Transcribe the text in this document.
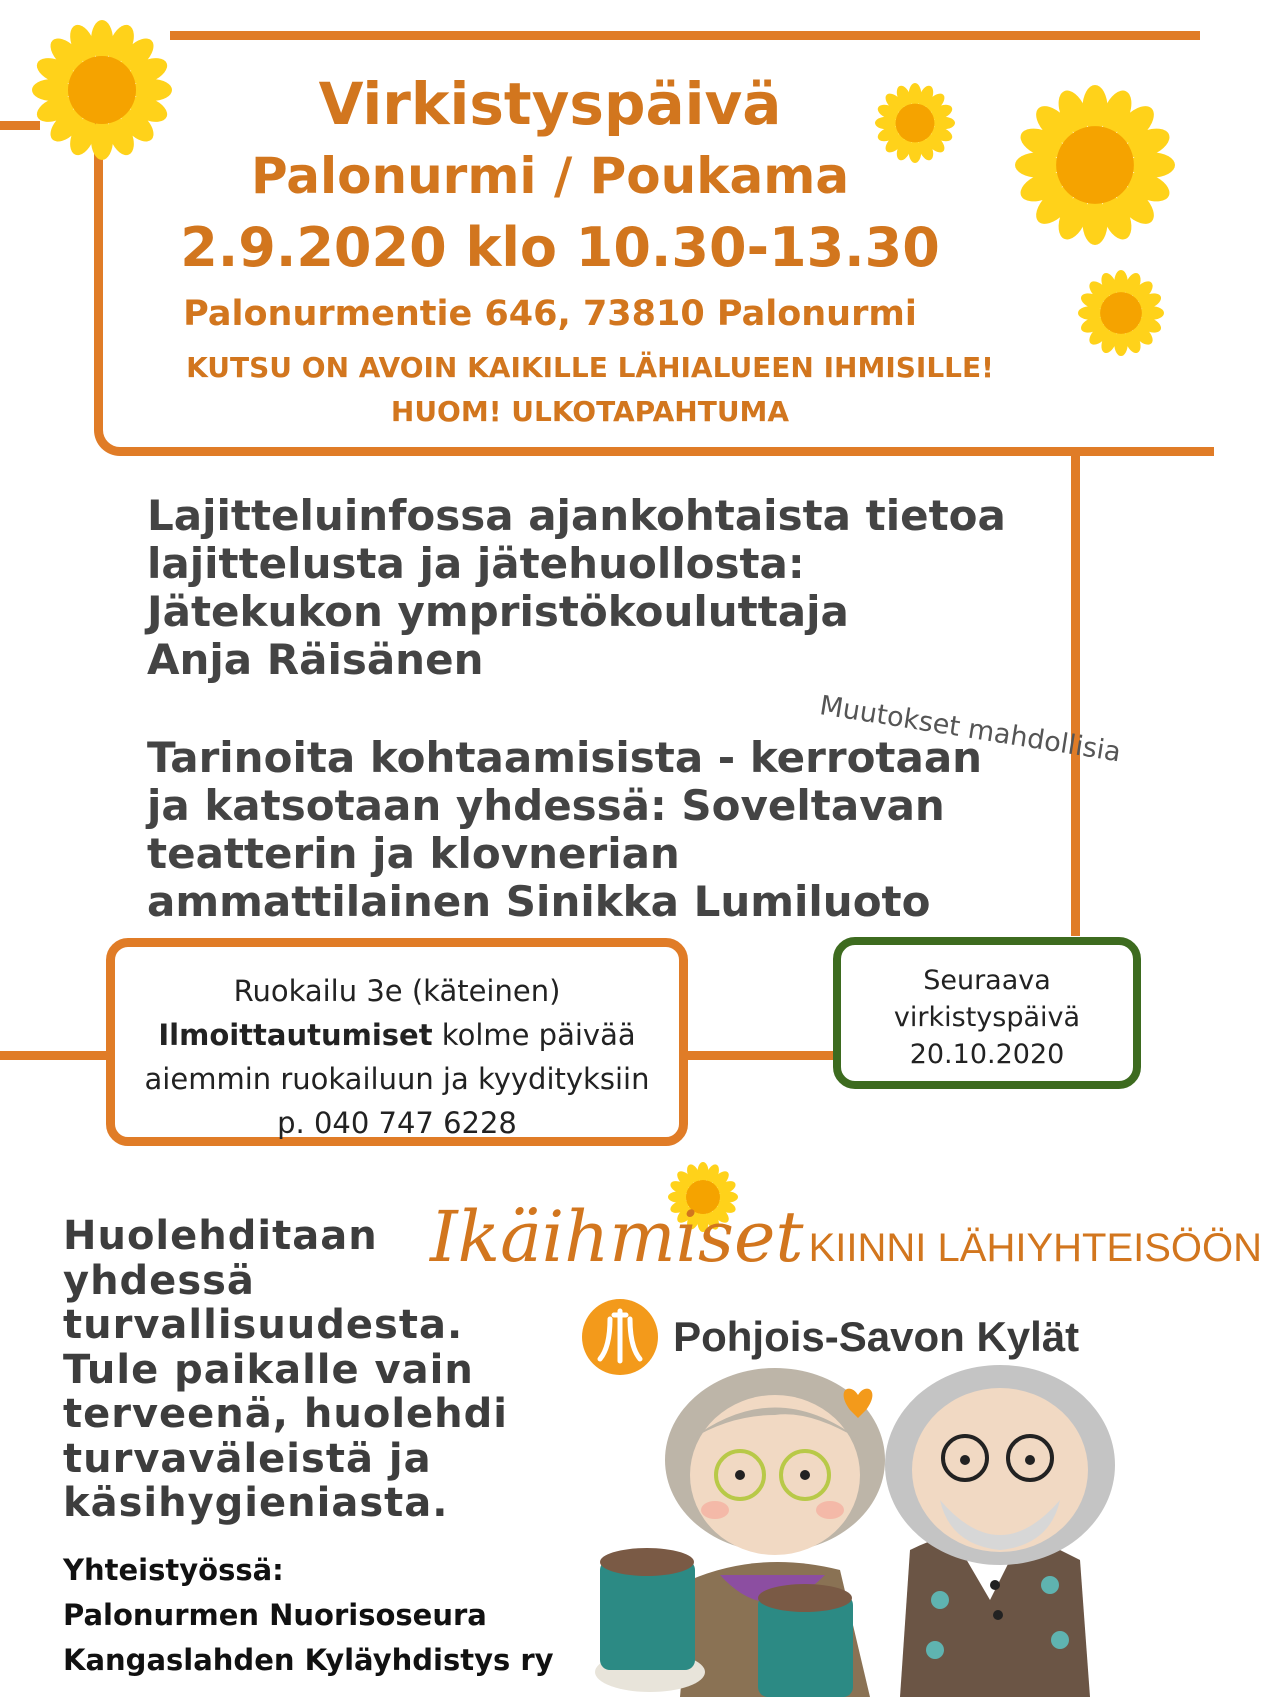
Virkistyspäivä
Palonurmi / Poukama
2.9.2020 klo 10.30-13.30
Palonurmentie 646, 73810 Palonurmi
KUTSU ON AVOIN KAIKILLE LÄHIALUEEN IHMISILLE!
HUOM! ULKOTAPAHTUMA
Lajitteluinfossa ajankohtaista tietoa
lajittelusta ja jätehuollosta:
Jätekukon ympristökouluttaja
Anja Räisänen
Muutokset mahdollisia
Tarinoita kohtaamisista - kerrotaan
ja katsotaan yhdessä: Soveltavan
teatterin ja klovnerian
ammattilainen Sinikka Lumiluoto
Ruokailu 3e (käteinen)
Ilmoittautumiset kolme päivää
aiemmin ruokailuun ja kyydityksiin
p. 040 747 6228
Seuraava
virkistyspäivä
20.10.2020
Huolehditaan
yhdessä
turvallisuudesta.
Tule paikalle vain
terveenä, huolehdi
turvaväleistä ja
käsihygieniasta.
Yhteistyössä:
Palonurmen Nuorisoseura
Kangaslahden Kyläyhdistys ry
Ikäihmiset KIINNI LÄHIYHTEISÖÖN
Pohjois-Savon Kylät
